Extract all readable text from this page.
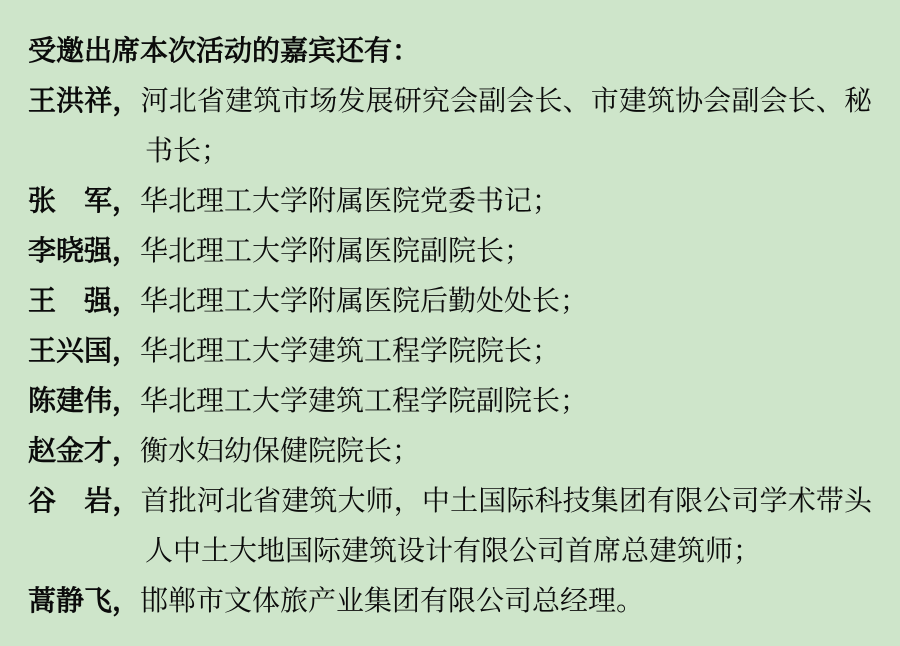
受邀出席本次活动的嘉宾还有：

王洪祥，河北省建筑市场发展研究会副会长、市建筑协会副会长、秘书长；

张　军，华北理工大学附属医院党委书记；

李晓强，华北理工大学附属医院副院长；

王　强，华北理工大学附属医院后勤处处长；

王兴国，华北理工大学建筑工程学院院长；

陈建伟，华北理工大学建筑工程学院副院长；

赵金才，衡水妇幼保健院院长；

谷　岩，首批河北省建筑大师，中土国际科技集团有限公司学术带头人中土大地国际建筑设计有限公司首席总建筑师；

蒿静飞，邯郸市文体旅产业集团有限公司总经理。
